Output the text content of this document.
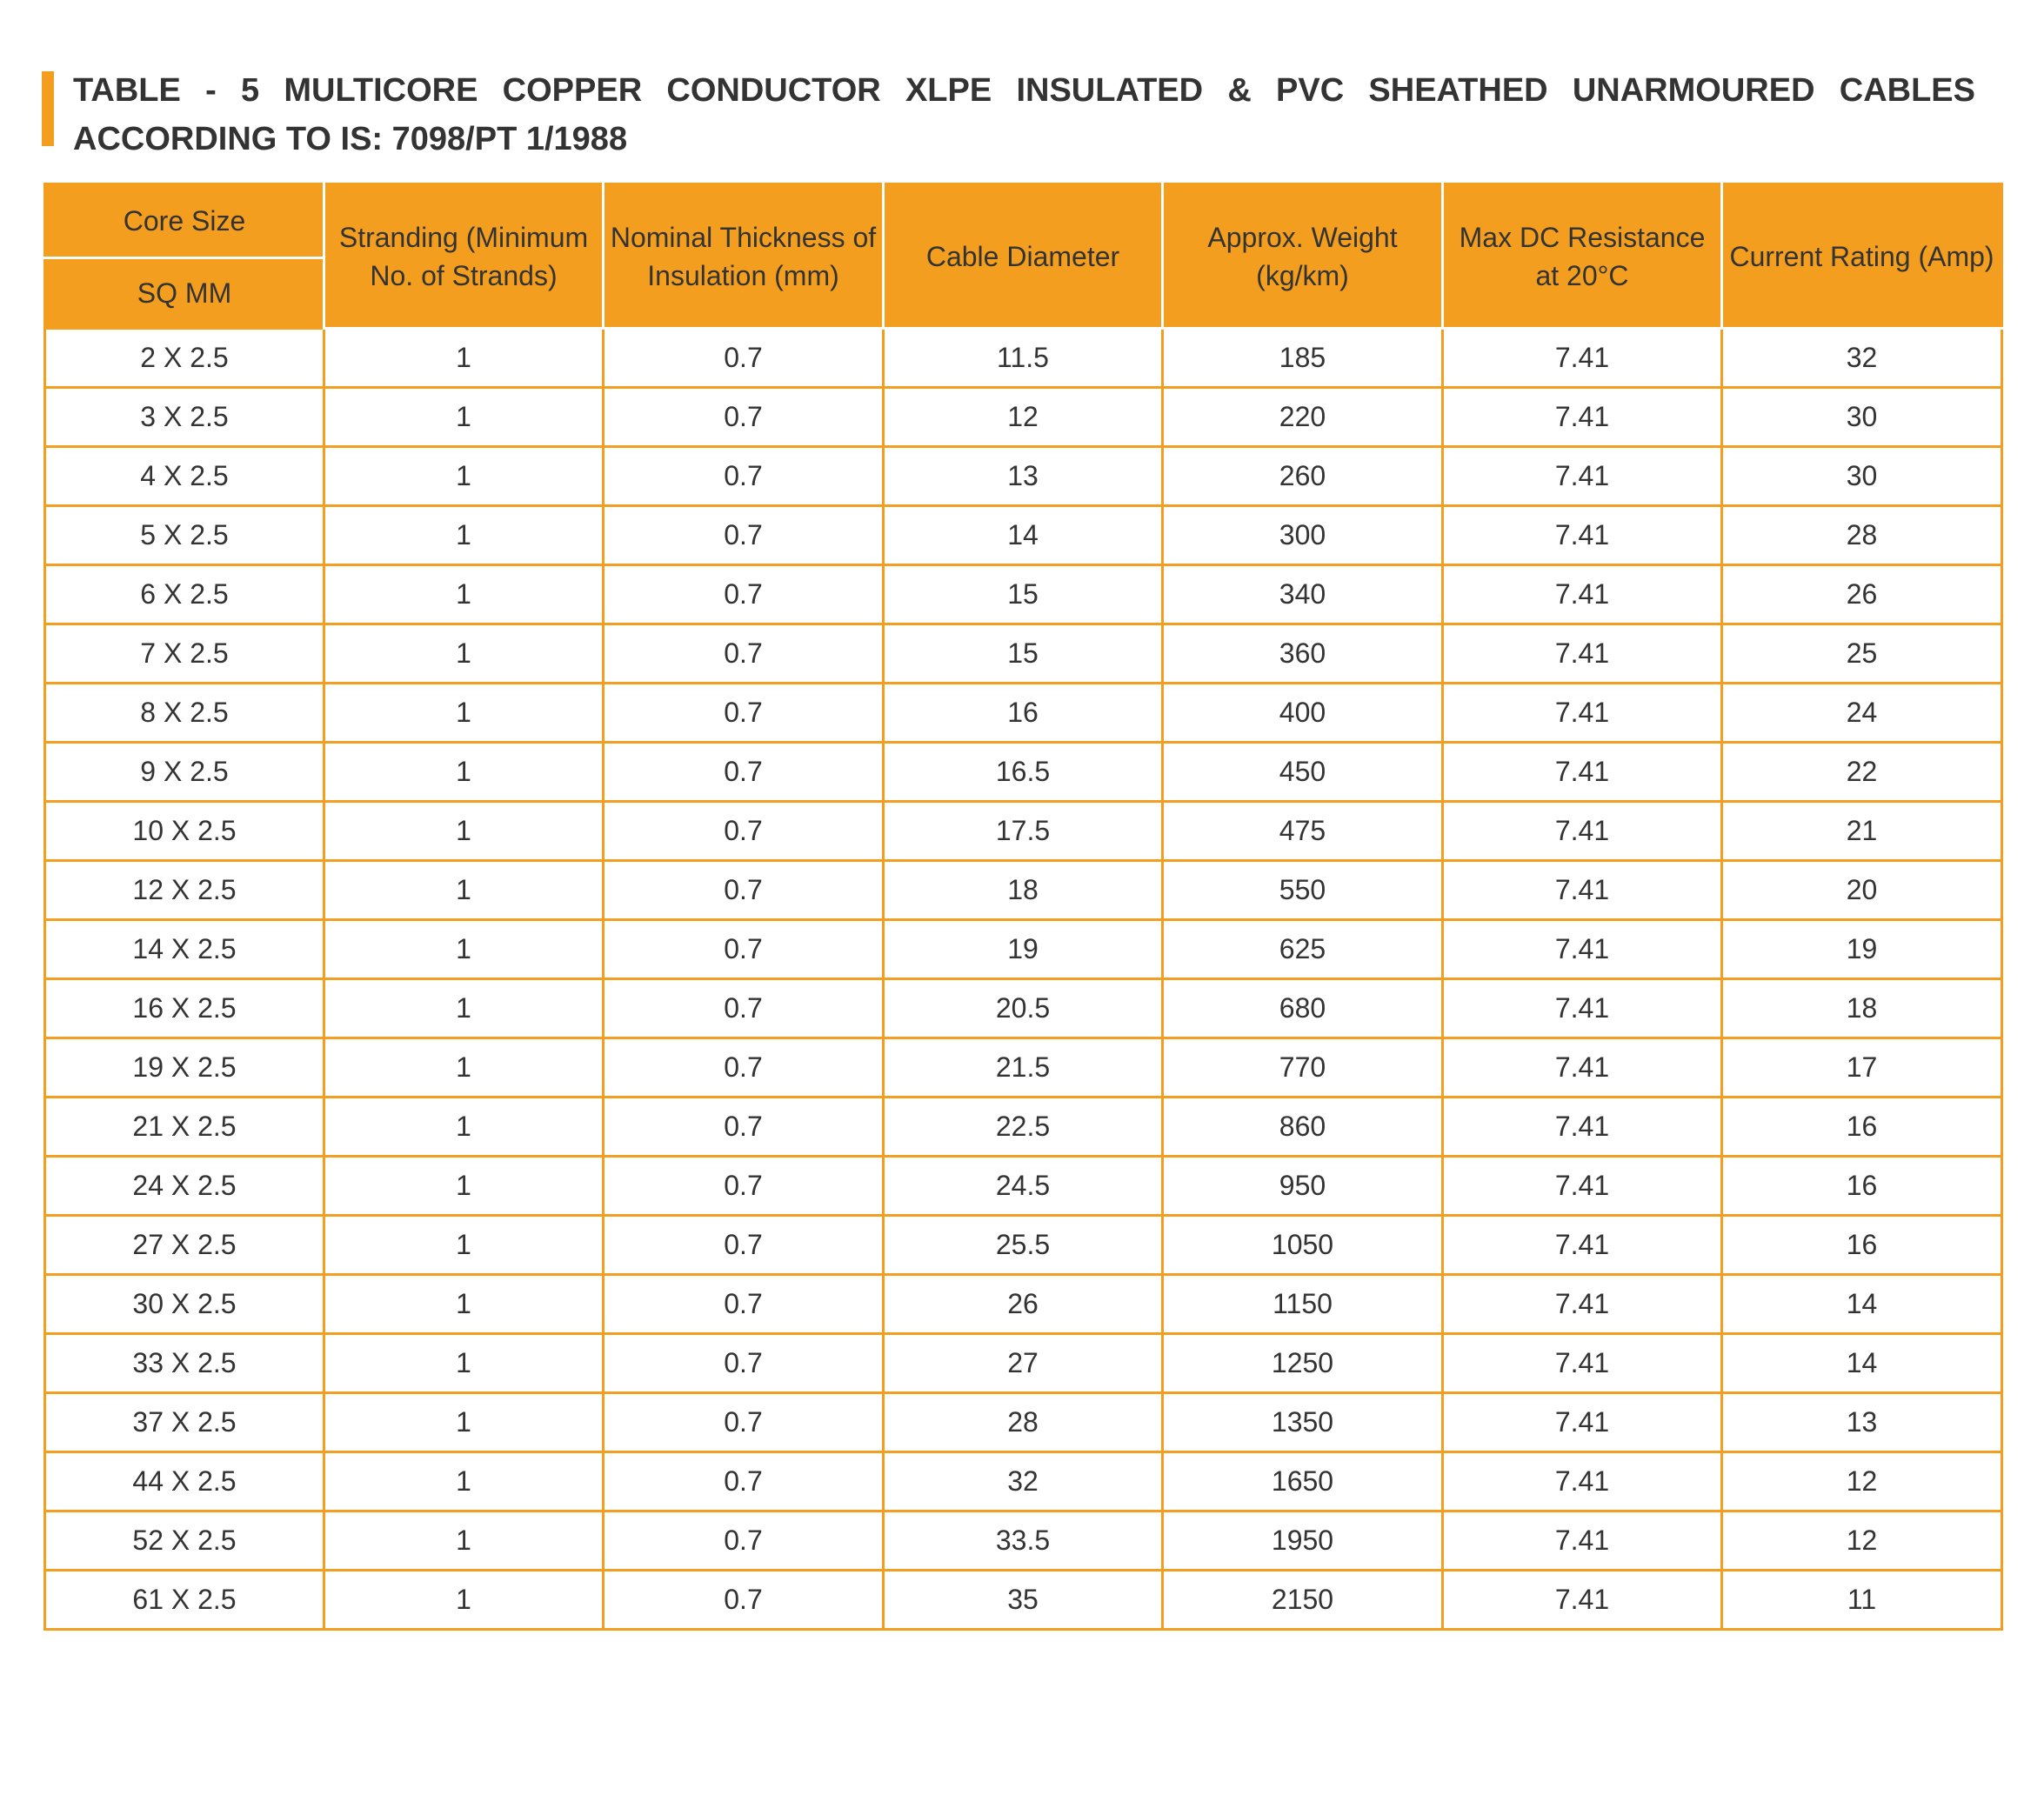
TABLE - 5 MULTICORE COPPER CONDUCTOR XLPE INSULATED & PVC SHEATHED UNARMOURED CABLES
ACCORDING TO IS: 7098/PT 1/1988
Core Size	Stranding (Minimum No. of Strands)	Nominal Thickness of Insulation (mm)	Cable Diameter	Approx. Weight (kg/km)	Max DC Resistance at 20°C	Current Rating (Amp)
SQ MM						
2 X 2.5	1	0.7	11.5	185	7.41	32
3 X 2.5	1	0.7	12	220	7.41	30
4 X 2.5	1	0.7	13	260	7.41	30
5 X 2.5	1	0.7	14	300	7.41	28
6 X 2.5	1	0.7	15	340	7.41	26
7 X 2.5	1	0.7	15	360	7.41	25
8 X 2.5	1	0.7	16	400	7.41	24
9 X 2.5	1	0.7	16.5	450	7.41	22
10 X 2.5	1	0.7	17.5	475	7.41	21
12 X 2.5	1	0.7	18	550	7.41	20
14 X 2.5	1	0.7	19	625	7.41	19
16 X 2.5	1	0.7	20.5	680	7.41	18
19 X 2.5	1	0.7	21.5	770	7.41	17
21 X 2.5	1	0.7	22.5	860	7.41	16
24 X 2.5	1	0.7	24.5	950	7.41	16
27 X 2.5	1	0.7	25.5	1050	7.41	16
30 X 2.5	1	0.7	26	1150	7.41	14
33 X 2.5	1	0.7	27	1250	7.41	14
37 X 2.5	1	0.7	28	1350	7.41	13
44 X 2.5	1	0.7	32	1650	7.41	12
52 X 2.5	1	0.7	33.5	1950	7.41	12
61 X 2.5	1	0.7	35	2150	7.41	11
